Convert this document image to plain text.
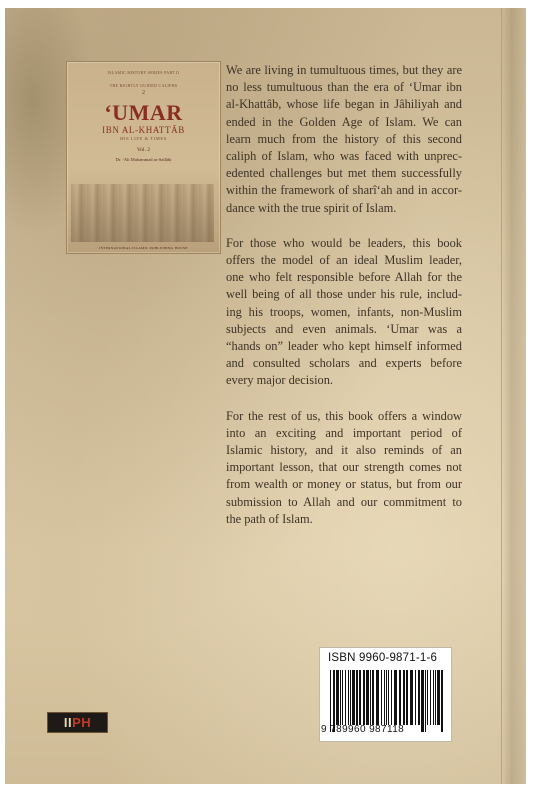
ISLAMIC HISTORY SERIES PART II
THE RIGHTLY GUIDED CALIPHS
2
‘UMAR
IBN AL-KHATTĀB
HIS LIFE & TIMES
Vol. 2
Dr. ‘Ali Muhammad as-Sallābi
INTERNATIONAL ISLAMIC PUBLISHING HOUSE

We are living in tumultuous times, but they are
no less tumultuous than the era of ‘Umar ibn
al-Khattâb, whose life began in Jâhiliyah and
ended in the Golden Age of Islam. We can
learn much from the history of this second
caliph of Islam, who was faced with unprec-
edented challenges but met them successfully
within the framework of sharî‘ah and in accor-
dance with the true spirit of Islam.

For those who would be leaders, this book
offers the model of an ideal Muslim leader,
one who felt responsible before Allah for the
well being of all those under his rule, includ-
ing his troops, women, infants, non-Muslim
subjects and even animals. ‘Umar was a
“hands on” leader who kept himself informed
and consulted scholars and experts before
every major decision.

For the rest of us, this book offers a window
into an exciting and important period of
Islamic history, and it also reminds of an
important lesson, that our strength comes not
from wealth or money or status, but from our
submission to Allah and our commitment to
the path of Islam.

ISBN 9960-9871-1-6
9 789960 987118
IIPH
